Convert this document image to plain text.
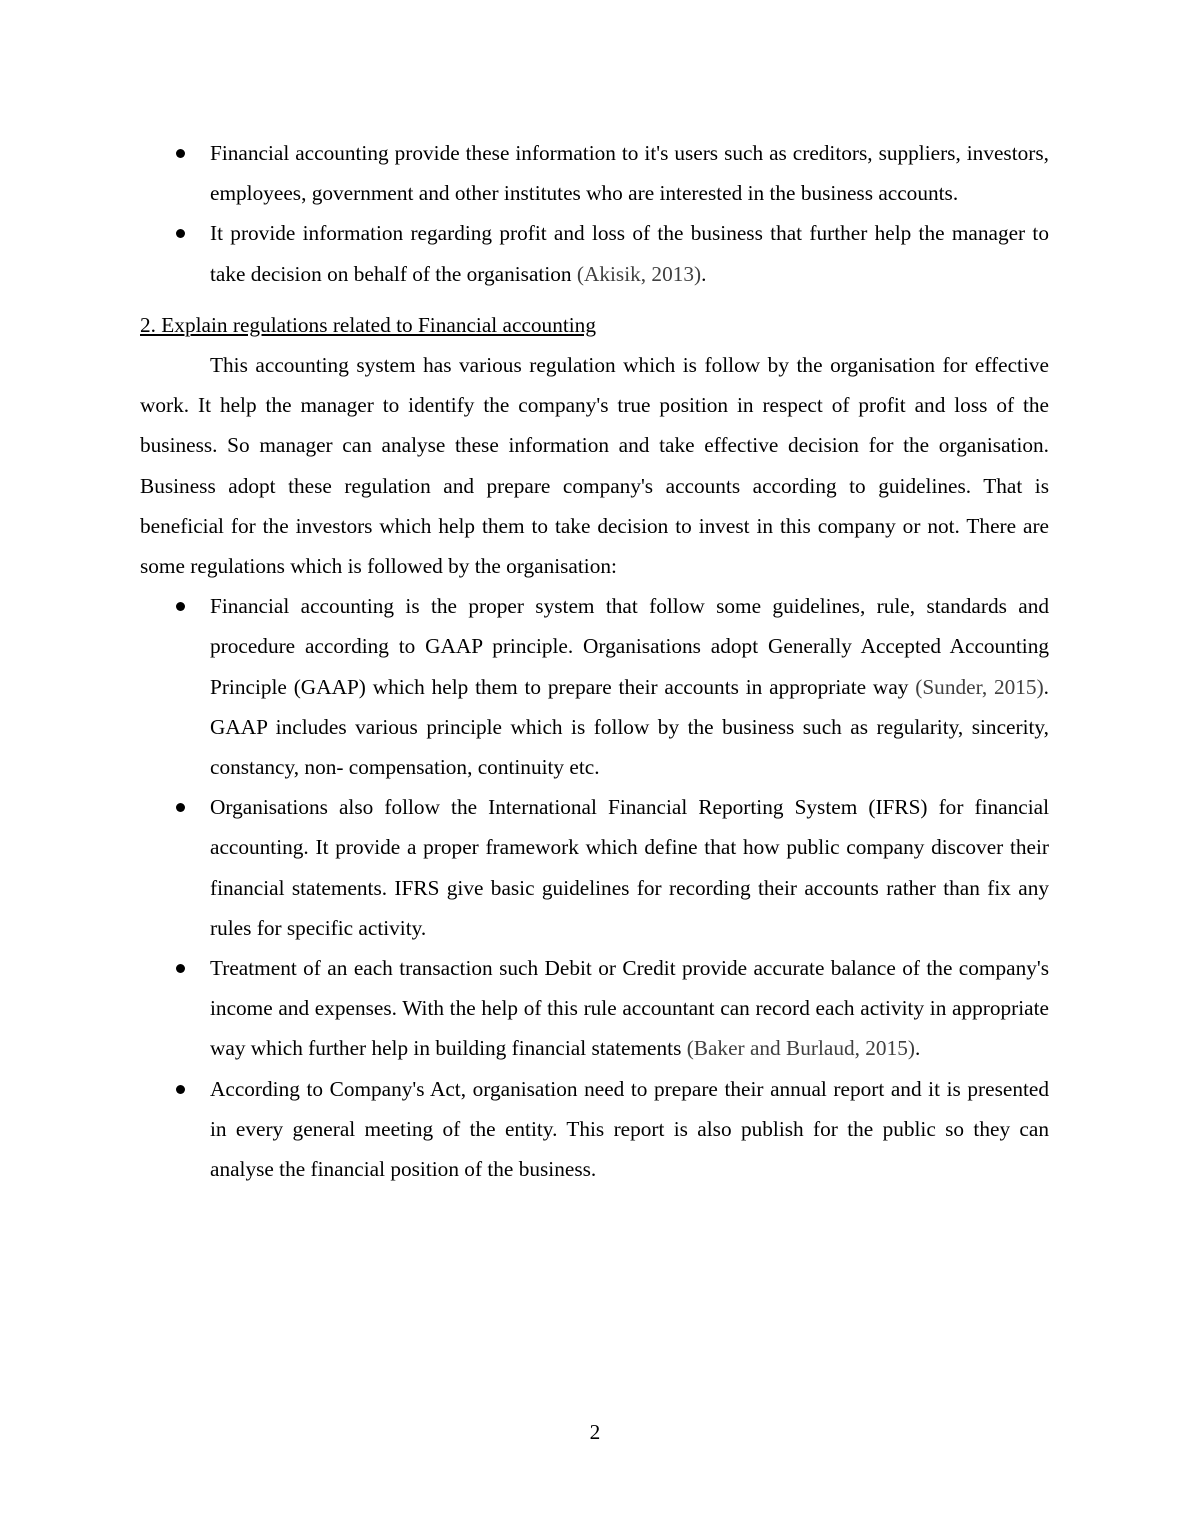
Financial accounting provide these information to it's users such as creditors, suppliers, investors, employees, government and other institutes who are interested in the business accounts.
It provide information regarding profit and loss of the business that further help the manager to take decision on behalf of the organisation (Akisik, 2013).

2. Explain regulations related to Financial accounting

This accounting system has various regulation which is follow by the organisation for effective work. It help the manager to identify the company's true position in respect of profit and loss of the business. So manager can analyse these information and take effective decision for the organisation. Business adopt these regulation and prepare company's accounts according to guidelines. That is beneficial for the investors which help them to take decision to invest in this company or not. There are some regulations which is followed by the organisation:

Financial accounting is the proper system that follow some guidelines, rule, standards and procedure according to GAAP principle. Organisations adopt Generally Accepted Accounting Principle (GAAP) which help them to prepare their accounts in appropriate way (Sunder, 2015). GAAP includes various principle which is follow by the business such as regularity, sincerity, constancy, non- compensation, continuity etc.
Organisations also follow the International Financial Reporting System (IFRS) for financial accounting. It provide a proper framework which define that how public company discover their financial statements. IFRS give basic guidelines for recording their accounts rather than fix any rules for specific activity.
Treatment of an each transaction such Debit or Credit provide accurate balance of the company's income and expenses. With the help of this rule accountant can record each activity in appropriate way which further help in building financial statements (Baker and Burlaud, 2015).
According to Company's Act, organisation need to prepare their annual report and it is presented in every general meeting of the entity. This report is also publish for the public so they can analyse the financial position of the business.
2
